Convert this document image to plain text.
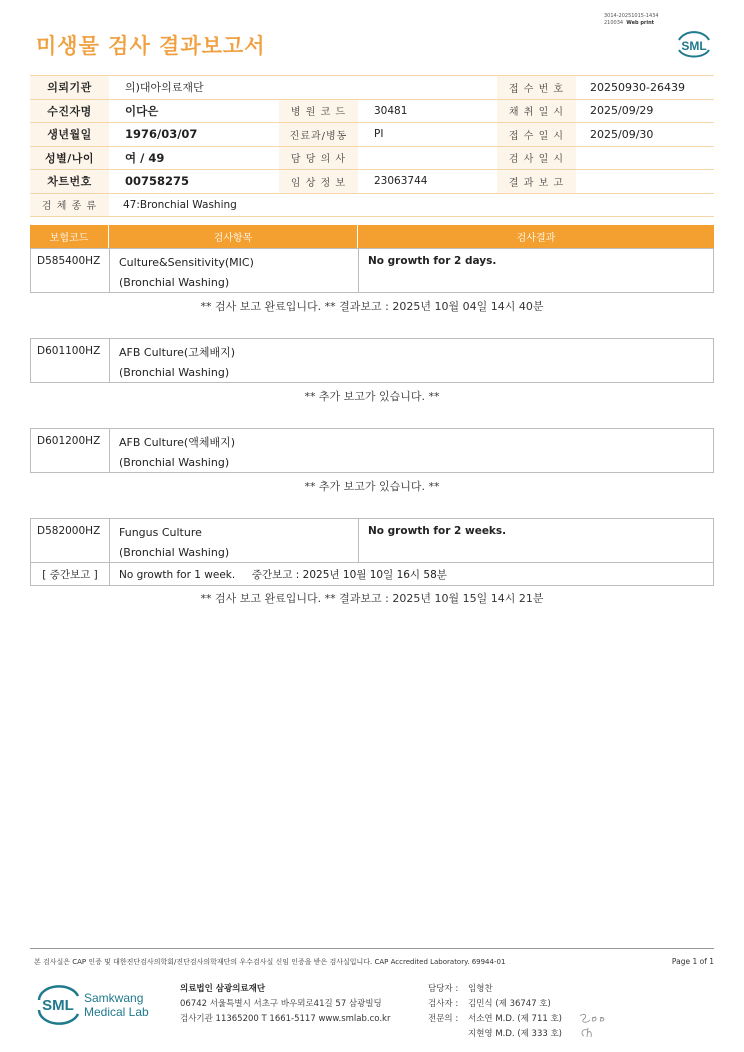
3014-20251015-1434
210034 Web print
미생물 검사 결과보고서	SML
의뢰기관	의)대아의료재단			접 수 번 호	20250930-26439
수진자명	이다은	병 원 코 드	30481	채 취 일 시	2025/09/29
생년월일	1976/03/07	진료과/병동	PI	접 수 일 시	2025/09/30
성별/나이	여 / 49	담 당 의 사		검 사 일 시	
차트번호	00758275	임 상 정 보	23063744	결 과 보 고	
검 체 종 류	47:Bronchial Washing				
보험코드	검사항목	검사결과
D585400HZ	Culture&Sensitivity(MIC)
(Bronchial Washing)
No growth for 2 days.
** 검사 보고 완료입니다. ** 결과보고 : 2025년 10월 04일 14시 40분
D601100HZ	AFB Culture(고체배지)
(Bronchial Washing)
** 추가 보고가 있습니다. **
D601200HZ	AFB Culture(액체배지)
(Bronchial Washing)
** 추가 보고가 있습니다. **
D582000HZ	Fungus Culture
(Bronchial Washing)
No growth for 2 weeks.
[ 중간보고 ]	No growth for 1 week.     중간보고 : 2025년 10월 10일 16시 58분
** 검사 보고 완료입니다. ** 결과보고 : 2025년 10월 15일 14시 21분
본 검사실은 CAP 인증 및 대한진단검사의학회/진단검사의학재단의 우수검사실 신임 인증을 받은 검사실입니다. CAP Accredited Laboratory. 69944-01	Page 1 of 1
SML Samkwang
Medical Lab
의료법인 삼광의료재단
06742 서울특별시 서초구 바우뫼로41길 57 삼광빌딩
검사기관 11365200 T 1661-5117 www.smlab.co.kr
담당자 :	임형찬
검사자 :	김민식 (제 36747 호)
전문의 :	서소연 M.D. (제 711 호)
지현영 M.D. (제 333 호)
